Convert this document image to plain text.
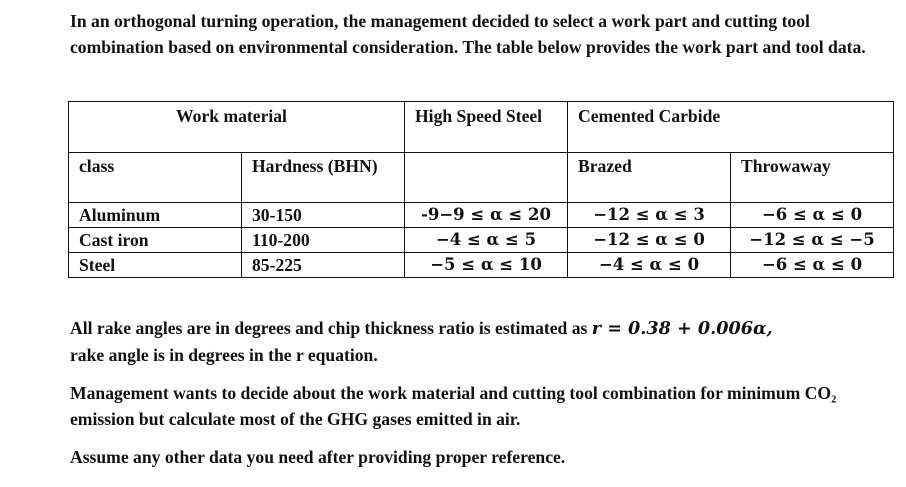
In an orthogonal turning operation, the management decided to select a work part and cutting tool combination based on environmental consideration. The table below provides the work part and tool data.

Work material		High Speed Steel	Cemented Carbide	
class	Hardness (BHN)		Brazed	Throwaway
Aluminum	30-150	-9−9 ≤ α ≤ 20	−12 ≤ α ≤ 3	−6 ≤ α ≤ 0
Cast iron	110-200	−4 ≤ α ≤ 5	−12 ≤ α ≤ 0	−12 ≤ α ≤ −5
Steel	85-225	−5 ≤ α ≤ 10	−4 ≤ α ≤ 0	−6 ≤ α ≤ 0

All rake angles are in degrees and chip thickness ratio is estimated as r = 0.38 + 0.006α,
rake angle is in degrees in the r equation.

Management wants to decide about the work material and cutting tool combination for minimum CO₂ emission but calculate most of the GHG gases emitted in air.

Assume any other data you need after providing proper reference.
